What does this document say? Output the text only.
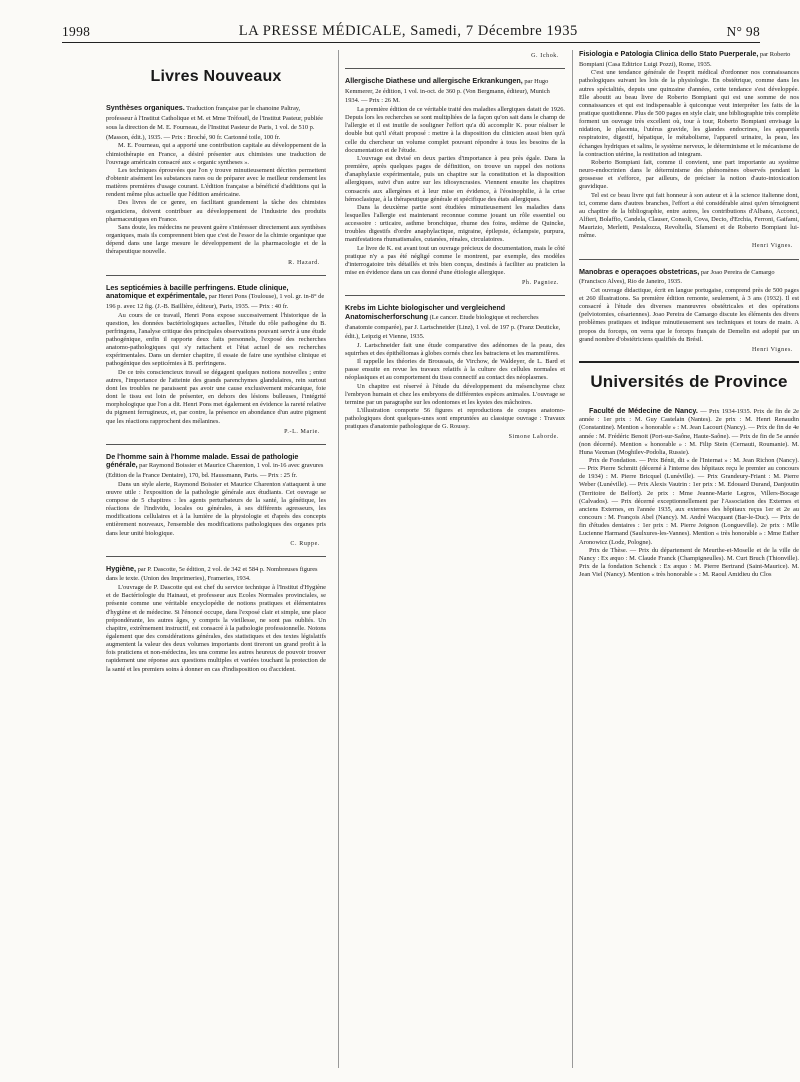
1998	LA PRESSE MÉDICALE, Samedi, 7 Décembre 1935	N° 98
Livres Nouveaux
Synthèses organiques. Traduction française par le chanoine Paltray, professeur à l'Institut Catholique et M. et Mme Tréfouël, de l'Institut Pasteur, publiée sous la direction de M. E. Fourneau, de l'Institut Pasteur de Paris, 1 vol. de 510 p. (Masson, édit.), 1935. — Prix : Broché, 90 fr. Cartonné toile, 100 fr.

M. E. Fourneau, qui a apporté une contribution capitale au développement de la chimiothérapie en France, a désiré présenter aux chimistes une traduction de l'ouvrage américain consacré aux « organic syntheses ».

Les techniques éprouvées que l'on y trouve minutieusement décrites permettent d'obtenir aisément les substances rares ou de préparer avec le meilleur rendement les matières premières d'usage courant. L'édition française a bénéficié d'additions qui la rendent même plus actuelle que l'édition américaine.

Des livres de ce genre, en facilitant grandement la tâche des chimistes organiciens, doivent contribuer au développement de l'industrie des produits pharmaceutiques en France.

Sans doute, les médecins ne peuvent guère s'intéresser directement aux synthèses organiques, mais ils comprennent bien que c'est de l'essor de la chimie organique que dépend dans une large mesure le développement de la pharmacologie et de la thérapeutique nouvelle.

R. Hazard.
Les septicémies à bacille perfringens. Etude clinique, anatomique et expérimentale, par Henri Pons (Toulouse), 1 vol. gr. in-8° de 196 p. avec 12 fig. (J.-B. Baillière, éditeur), Paris, 1935. — Prix : 40 fr.

Au cours de ce travail, Henri Pons expose successivement l'historique de la question, les données bactériologiques actuelles, l'étude du rôle pathogène du B. perfringens, l'analyse critique des principales observations pouvant servir à une étude pathogénique, enfin il rapporte deux faits personnels, l'exposé des recherches anatomo-pathologiques qui s'y rattachent et l'état actuel de ses recherches expérimentales. Dans un dernier chapitre, il essaie de faire une synthèse clinique et pathogénique des septicémies à B. perfringens.

De ce très consciencieux travail se dégagent quelques notions nouvelles ; entre autres, l'importance de l'atteinte des grands parenchymes glandulaires, rein surtout dont les troubles ne paraissent pas avoir une cause exclusivement mécanique, foie dont le tissu est loin de présenter, en dehors des lésions bulleuses, l'intégrité morphologique que l'on a dit. Henri Pons met également en évidence la rareté relative du pigment ferrugineux, et, par contre, la présence en abondance d'un autre pigment que les réactions rapprochent des mélanines.

P.-L. Marie.
De l'homme sain à l'homme malade. Essai de pathologie générale, par Raymond Boissier et Maurice Charenton, 1 vol. in-16 avec gravures (Edition de la France Dentaire), 170, bd. Haussmann, Paris. — Prix : 25 fr.

Dans un style alerte, Raymond Boissier et Maurice Charenton s'attaquent à une œuvre utile : l'exposition de la pathologie générale aux étudiants. Cet ouvrage se compose de 5 chapitres : les agents perturbateurs de la santé, la génétique, les réactions de l'individu, locales ou générales, à ses différents agresseurs, les modifications cellulaires et à la lumière de la physiologie et d'après des concepts entièrement nouveaux, l'ensemble des modifications pathologiques des organes pris dans leur unité biologique.

C. Ruppe.
Hygiène, par P. Dascotte, 5e édition, 2 vol. de 342 et 584 p. Nombreuses figures dans le texte. (Union des Imprimeries), Frameries, 1934.

L'ouvrage de P. Dascotte qui est chef du service technique à l'Institut d'Hygiène et de Bactériologie du Hainaut, et professeur aux Ecoles Normales provinciales, se présente comme une véritable encyclopédie de notions pratiques et élémentaires d'hygiène et de médecine. Si l'énoncé occupe, dans l'exposé clair et simple, une place prépondérante, les autres âges, y compris la vieillesse, ne sont pas oubliés. Un chapitre, extrêmement instructif, est consacré à la pathologie professionnelle. Notons également que des considérations générales, des statistiques et des textes législatifs augmentent la valeur des deux volumes importants dont tireront un grand profit à la fois praticiens et non-médecins, les uns comme les autres heureux de pouvoir trouver rapidement une réponse aux questions multiples et variées touchant la protection de la santé et les premiers soins à donner en cas d'indisposition ou d'accident.

G. Ichok.
Allergische Diathese und allergische Erkrankungen, par Hugo Kemmerer, 2e édition, 1 vol. in-oct. de 360 p. (Von Bergmann, éditeur), Munich 1934. — Prix : 26 M.

La première édition de ce véritable traité des maladies allergiques datait de 1926. Depuis lors les recherches se sont multipliées de la façon qu'on sait dans le champ de l'allergie et il est inutile de souligner l'effort qu'a dû accomplir K. pour réaliser le double but qu'il s'était proposé : mettre à la disposition du clinicien aussi bien qu'à celle du chercheur un volume complet pouvant répondre à tous les besoins de la documentation et de l'étude.

L'ouvrage est divisé en deux parties d'importance à peu près égale. Dans la première, après quelques pages de définition, on trouve un rappel des notions d'anaphylaxie expérimentale, puis un chapitre sur la constitution et la disposition allergiques, suivi d'un autre sur les idiosyncrasies. Viennent ensuite les chapitres consacrés aux allergènes et à leur mise en évidence, à l'éosinophilie, à la crise hémoclasique, à la thérapeutique générale et spécifique des états allergiques.

Dans la deuxième partie sont étudiées minutieusement les maladies dans lesquelles l'allergie est maintenant reconnue comme jouant un rôle essentiel ou accessoire : urticaire, asthme bronchique, rhume des foins, œdème de Quincke, troubles digestifs d'ordre anaphylactique, migraine, épilepsie, éclampsie, purpura, manifestations rhumatismales, cutanées, rénales, circulatoires.

Le livre de K. est avant tout un ouvrage précieux de documentation, mais le côté pratique n'y a pas été négligé comme le montrent, par exemple, des modèles d'interrogatoire très détaillés et très bien conçus, destinés à faciliter au praticien la mise en évidence dans un cas donné d'une étiologie allergique.

Ph. Pagniez.
Krebs im Lichte biologischer und vergleichend Anatomischerforschung (Le cancer. Etude biologique et recherches d'anatomie comparée), par J. Lartschneider (Linz), 1 vol. de 197 p. (Franz Deuticke, édit.), Leipzig et Vienne, 1935.

J. Lartschneider fait une étude comparative des adénomes de la peau, des squirrhes et des épithéliomas à globes cornés chez les batraciens et les mammifères.

Il rappelle les théories de Broussais, de Virchow, de Waldeyer, de L. Bard et passe ensuite en revue les travaux relatifs à la culture des cellules normales et néoplasiques et au comportement du tissu connectif au contact des néoplasmes.

Un chapitre est réservé à l'étude du développement du mésenchyme chez l'embryon humain et chez les embryons de différentes espèces animales. L'ouvrage se termine par un paragraphe sur les odontomes et les kystes des mâchoires.

L'illustration comporte 56 figures et reproductions de coupes anatomo-pathologiques dont quelques-unes sont empruntées au classique ouvrage : Travaux pratiques d'anatomie pathologique de G. Roussy.

Simone Laborde.
Fisiologia e Patologia Clinica dello Stato Puerperale, par Roberto Bompiani (Casa Editrice Luigi Pozzi), Rome, 1935.

C'est une tendance générale de l'esprit médical d'ordonner nos connaissances pathologiques suivant les lois de la physiologie. En obstétrique, comme dans les autres spécialités, depuis une quinzaine d'années, cette tendance s'est développée. Elle aboutit au beau livre de Roberto Bompiani qui est une somme de nos connaissances et qui est indispensable à quiconque veut interpréter les faits de la pratique quotidienne. Plus de 500 pages en style clair, une bibliographie très complète forment un ouvrage très excellent où, tour à tour, Roberto Bompiani envisage la nidation, le placenta, l'utérus gravide, les glandes endocrines, les appareils respiratoire, digestif, hépatique, le métabolisme, l'appareil urinaire, la peau, les échanges hydriques et salins, le système nerveux, le déterminisme et le mécanisme de la contraction utérine, la restitution ad integram.

Roberto Bompiani fait, comme il convient, une part importante au système neuro-endocrinien dans le déterminisme des phénomènes observés pendant la grossesse et s'efforce, par ailleurs, de préciser la notion d'auto-intoxication gravidique.

Tel est ce beau livre qui fait honneur à son auteur et à la science italienne dont, ici, comme dans d'autres branches, l'effort a été considérable ainsi qu'en témoignent au chapitre de la bibliographie, entre autres, les contributions d'Albano, Acconci, Alfieri, Bolaffio, Candela, Clauser, Consoli, Cova, Decio, d'Erchia, Ferroni, Gaifami, Maurizio, Merletti, Pestalozza, Revoltella, Sfameni et de Roberto Bompiani lui-même.

Henri Vignes.
Manobras e operaçoes obstetricas, par Joao Pereira de Camargo (Francisco Alves), Rio de Janeiro, 1935.

Cet ouvrage didactique, écrit en langue portugaise, comprend près de 500 pages et 260 illustrations. Sa première édition remonte, seulement, à 3 ans (1932). Il est consacré à l'étude des diverses manœuvres obstétricales et des opérations (pelviotomies, césariennes). Joao Pereira de Camargo discute les éléments des divers problèmes pratiques et indique minutieusement ses techniques et tours de main. A propos du forceps, on verra que le forceps français de Demelin est adopté par un grand nombre d'obstétriciens qualifiés du Brésil.

Henri Vignes.
Universités de Province

Faculté de Médecine de Nancy. — Prix 1934-1935. Prix de fin de 2e année : 1er prix : M. Guy Castelain (Nantes). 2e prix : M. Henri Renaudin (Constantine). Mention « honorable » : M. Jean Lacourt (Nancy). — Prix de fin de 4e année : M. Frédéric Benoit (Port-sur-Saône, Haute-Saône). — Prix de fin de 5e année (non décerné). Mention « honorable » : M. Filip Stein (Cernauti, Roumanie). M. Huna Vaxman (Moghilev-Podolia, Russie).

Prix de Fondation. — Prix Bénit, dit « de l'Internat » : M. Jean Richon (Nancy). — Prix Pierre Schmitt (décerné à l'interne des hôpitaux reçu le premier au concours de 1934) : M. Pierre Bricquel (Lunéville). — Prix Grandeury-Friant : M. Pierre Weber (Lunéville). — Prix Alexis Vautrin : 1er prix : M. Edouard Durand, Danjoutin (Territoire de Belfort). 2e prix : Mme Jeanne-Marie Legros, Villers-Bocage (Calvados). — Prix décerné exceptionnellement par l'Association des Externes et anciens Externes, en l'année 1935, aux externes des hôpitaux reçus 1er et 2e au concours : M. François Abel (Nancy). M. André Wacquant (Bar-le-Duc). — Prix de fin d'études dentaires : 1er prix : M. Pierre Joignon (Longueville). 2e prix : Mlle Lucienne Harmand (Saulxures-les-Vannes). Mention « très honorable » : Mme Esther Aronowicz (Lodz, Pologne).

Prix de Thèse. — Prix du département de Meurthe-et-Moselle et de la ville de Nancy : Ex æquo : M. Claude Franck (Champigneulles). M. Curt Bruch (Thionville). Prix de la fondation Schenck : Ex æquo : M. Pierre Bertrand (Saint-Maurice). M. Jean Viel (Nancy). Mention « très honorable » : M. Raoul Amidieu du Clos
